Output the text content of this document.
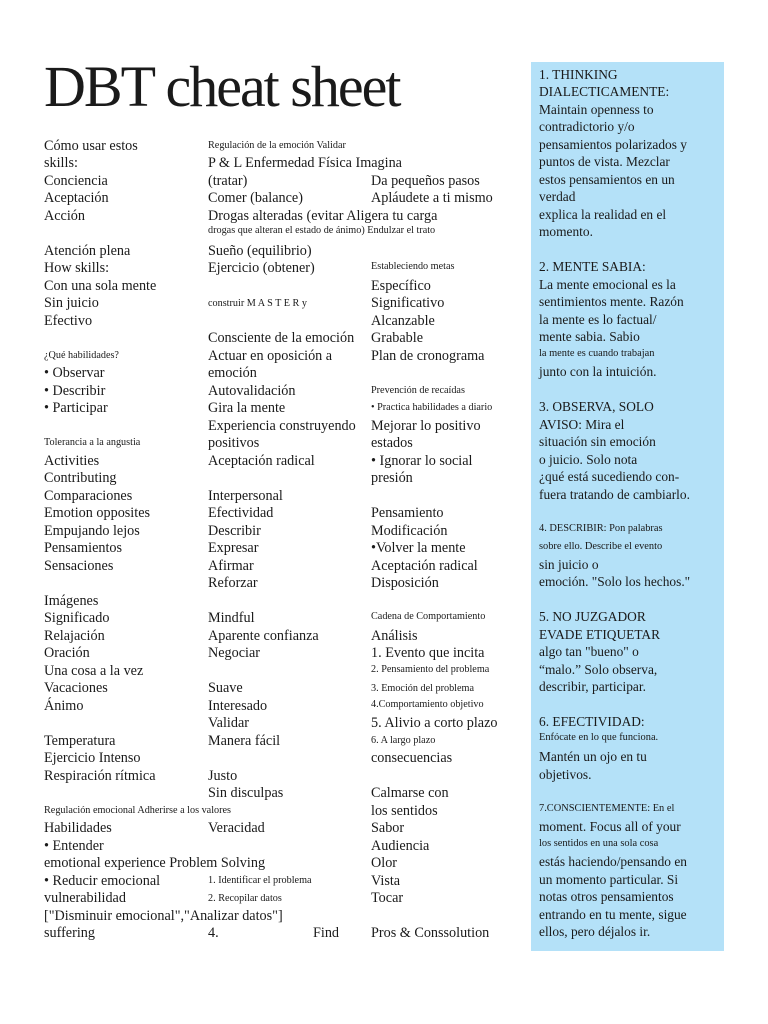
DBT cheat sheet
Cómo usar estos
skills:
Conciencia
Aceptación
Acción
Atención plena
How skills:
Con una sola mente
Sin juicio
Efectivo
¿Qué habilidades?
• Observar
• Describir
• Participar
Tolerancia a la angustia
Activities
Contributing
Comparaciones
Emotion opposites
Empujando lejos
Pensamientos
Sensaciones
Imágenes
Significado
Relajación
Oración
Una cosa a la vez
Vacaciones
Ánimo
Temperatura
Ejercicio Intenso
Respiración rítmica
Regulación emocional Adherirse a los valores
Habilidades
• Entender
emotional experience Problem Solving
• Reducir emocional
vulnerabilidad
["Disminuir emocional","Analizar datos"]
suffering
Regulación de la emoción Validar
P & L Enfermedad Física Imagina
(tratar)
Comer (balance)
Drogas alteradas (evitar Aligera tu carga
drogas que alteran el estado de ánimo) Endulzar el trato
Sueño (equilibrio)
Ejercicio (obtener)
construir M A S T E R y
Consciente de la emoción
Actuar en oposición a
emoción
Autovalidación
Gira la mente
Experiencia construyendo
positivos
Aceptación radical
Interpersonal
Efectividad
Describir
Expresar
Afirmar
Reforzar
Mindful
Aparente confianza
Negociar
Suave
Interesado
Validar
Manera fácil
Justo
Sin disculpas
Veracidad
1. Identificar el problema
2. Recopilar datos
4.
Da pequeños pasos
Apláudete a ti mismo
Estableciendo metas
Específico
Significativo
Alcanzable
Grabable
Plan de cronograma
Prevención de recaídas
• Practica habilidades a diario
Mejorar lo positivo
estados
• Ignorar lo social
presión
Pensamiento
Modificación
•Volver la mente
Aceptación radical
Disposición
Cadena de Comportamiento
Análisis
1. Evento que incita
2. Pensamiento del problema
3. Emoción del problema
4.Comportamiento objetivo
5. Alivio a corto plazo
6. A largo plazo
consecuencias
Calmarse con
los sentidos
Sabor
Audiencia
Olor
Vista
Tocar
Pros & Conssolution
Find
1. THINKING
DIALECTICAMENTE:
Maintain openness to
contradictorio y/o
pensamientos polarizados y
puntos de vista. Mezclar
estos pensamientos en un
verdad
explica la realidad en el
momento.
2. MENTE SABIA:
La mente emocional es la
sentimientos mente. Razón
la mente es lo factual/
mente sabia. Sabio
la mente es cuando trabajan
junto con la intuición.
3. OBSERVA, SOLO
AVISO: Mira el
situación sin emoción
o juicio. Solo nota
¿qué está sucediendo con-
fuera tratando de cambiarlo.
4. DESCRIBIR: Pon palabras
sobre ello. Describe el evento
sin juicio o
emoción. "Solo los hechos."
5. NO JUZGADOR
EVADE ETIQUETAR
algo tan "bueno" o
“malo.” Solo observa,
describir, participar.
6. EFECTIVIDAD:
Enfócate en lo que funciona.
Mantén un ojo en tu
objetivos.
7.CONSCIENTEMENTE: En el
moment. Focus all of your
los sentidos en una sola cosa
estás haciendo/pensando en
un momento particular. Si
notas otros pensamientos
entrando en tu mente, sigue
ellos, pero déjalos ir.
